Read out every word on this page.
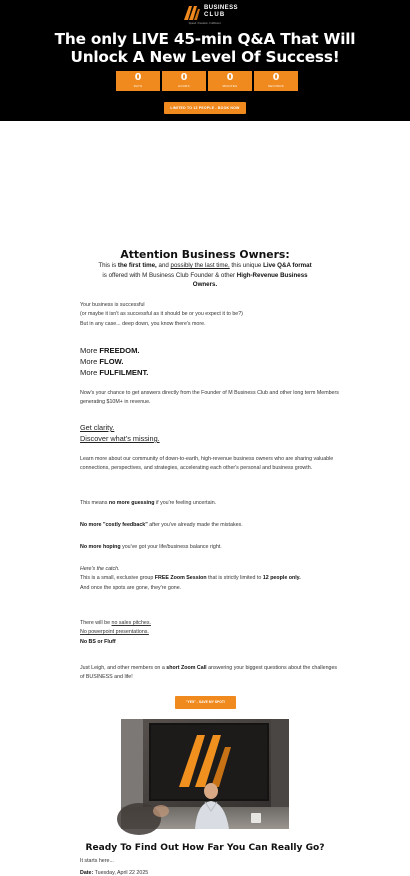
BUSINESS
CLUB
Speed. Freedom. Fulfilment.
The only LIVE 45-min Q&A That Will Unlock A New Level Of Success!
0
DAYS
0
HOURS
0
MINUTES
0
SECONDS
LIMITED TO 12 PEOPLE - BOOK NOW
Attention Business Owners:
This is the first time, and possibly the last time, this unique Live Q&A format is offered with M Business Club Founder & other High-Revenue Business Owners.
Your business is successful
(or maybe it isn't as successful as it should be or you expect it to be?)
But in any case... deep down, you know there's more.
More FREEDOM.
More FLOW.
More FULFILMENT.
Now's your chance to get answers directly from the Founder of M Business Club and other long term Members generating $10M+ in revenue.
Get clarity.
Discover what's missing.
Learn more about our community of down-to-earth, high-revenue business owners who are sharing valuable connections, perspectives, and strategies, accelerating each other's personal and business growth.
This means no more guessing if you're feeling uncertain.
No more "costly feedback" after you've already made the mistakes.
No more hoping you've got your life/business balance right.
Here's the catch.
This is a small, exclusive group FREE Zoom Session that is strictly limited to 12 people only.
And once the spots are gone, they're gone.
There will be no sales pitches.
No powerpoint presentations.
No BS or Fluff
Just Leigh, and other members on a short Zoom Call answering your biggest questions about the challenges of BUSINESS and life!
"YES" - SAVE MY SPOT!
Ready To Find Out How Far You Can Really Go?
It starts here...
Date: Tuesday, April 22 2025
